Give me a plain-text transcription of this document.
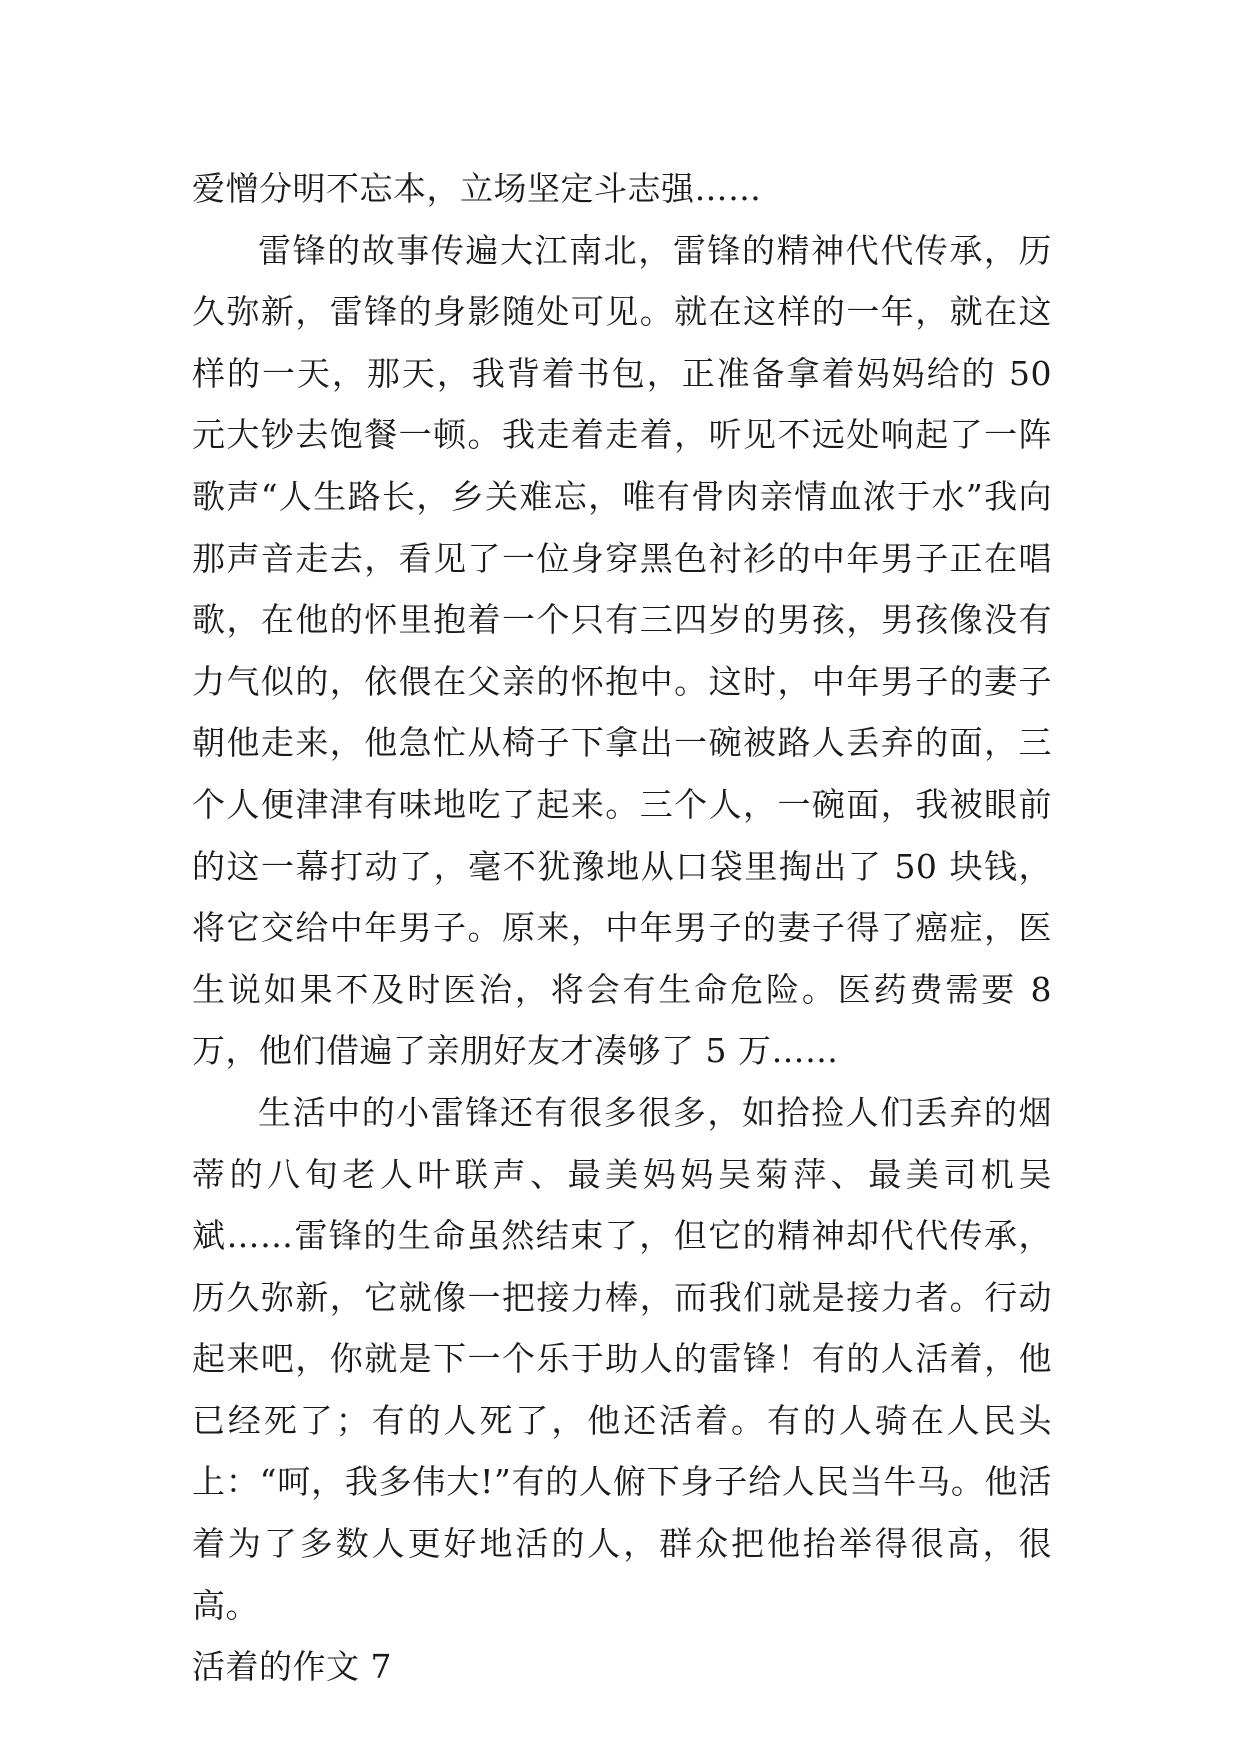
爱憎分明不忘本，立场坚定斗志强……

雷锋的故事传遍大江南北，雷锋的精神代代传承，历久弥新，雷锋的身影随处可见。就在这样的一年，就在这样的一天，那天，我背着书包，正准备拿着妈妈给的 50 元大钞去饱餐一顿。我走着走着，听见不远处响起了一阵歌声“人生路长，乡关难忘，唯有骨肉亲情血浓于水”我向那声音走去，看见了一位身穿黑色衬衫的中年男子正在唱歌，在他的怀里抱着一个只有三四岁的男孩，男孩像没有力气似的，依偎在父亲的怀抱中。这时，中年男子的妻子朝他走来，他急忙从椅子下拿出一碗被路人丢弃的面，三个人便津津有味地吃了起来。三个人，一碗面，我被眼前的这一幕打动了，毫不犹豫地从口袋里掏出了 50 块钱，将它交给中年男子。原来，中年男子的妻子得了癌症，医生说如果不及时医治，将会有生命危险。医药费需要 8 万，他们借遍了亲朋好友才凑够了 5 万……

生活中的小雷锋还有很多很多，如拾捡人们丢弃的烟蒂的八旬老人叶联声、最美妈妈吴菊萍、最美司机吴斌……雷锋的生命虽然结束了，但它的精神却代代传承，历久弥新，它就像一把接力棒，而我们就是接力者。行动起来吧，你就是下一个乐于助人的雷锋！有的人活着，他已经死了；有的人死了，他还活着。有的人骑在人民头上：“呵，我多伟大!”有的人俯下身子给人民当牛马。他活着为了多数人更好地活的人，群众把他抬举得很高，很高。

活着的作文 7
